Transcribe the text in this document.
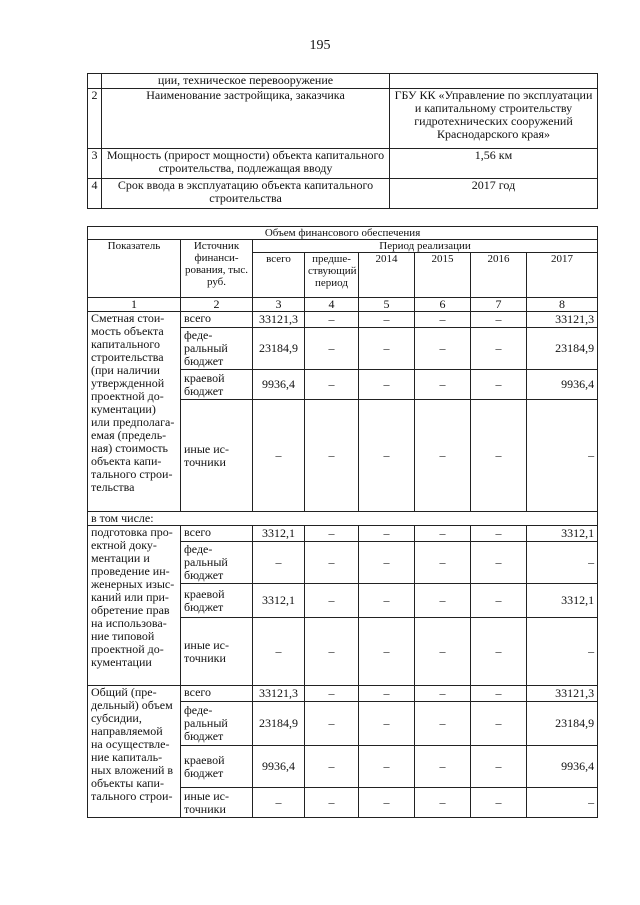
195
	ции, техническое перевооружение	
2	Наименование застройщика, заказчика	ГБУ КК «Управление по эксплуатации и капитальному строительству гидротехнических сооружений Краснодарского края»
3	Мощность (прирост мощности) объекта капитального строительства, подлежащая вводу	1,56 км
4	Срок ввода в эксплуатацию объекта капитального строительства	2017 год
Объем финансового обеспечения							
Показатель	Источник финанси-рования, тыс. руб.	Период реализации					
		всего	предше-ствующий период	2014	2015	2016	2017
1	2	3	4	5	6	7	8
Сметная стои-мость объекта капитального строительства (при наличии утвержденной проектной до-кументации) или предполага-емая (предель-ная) стоимость объекта капи-тального строи-тельства	всего	33121,3	–	–	–	–	33121,3
	феде-ральный бюджет	23184,9	–	–	–	–	23184,9
	краевой бюджет	9936,4	–	–	–	–	9936,4
	иные ис-точники	–	–	–	–	–	–
в том числе:							
подготовка про-ектной доку-ментации и проведение ин-женерных изыс-каний или при-обретение прав на использова-ние типовой проектной до-кументации	всего	3312,1	–	–	–	–	3312,1
	феде-ральный бюджет	–	–	–	–	–	–
	краевой бюджет	3312,1	–	–	–	–	3312,1
	иные ис-точники	–	–	–	–	–	–
Общий (пре-дельный) объем субсидии, направляемой на осуществле-ние капиталь-ных вложений в объекты капи-тального строи-	всего	33121,3	–	–	–	–	33121,3
	феде-ральный бюджет	23184,9	–	–	–	–	23184,9
	краевой бюджет	9936,4	–	–	–	–	9936,4
	иные ис-точники	–	–	–	–	–	–
